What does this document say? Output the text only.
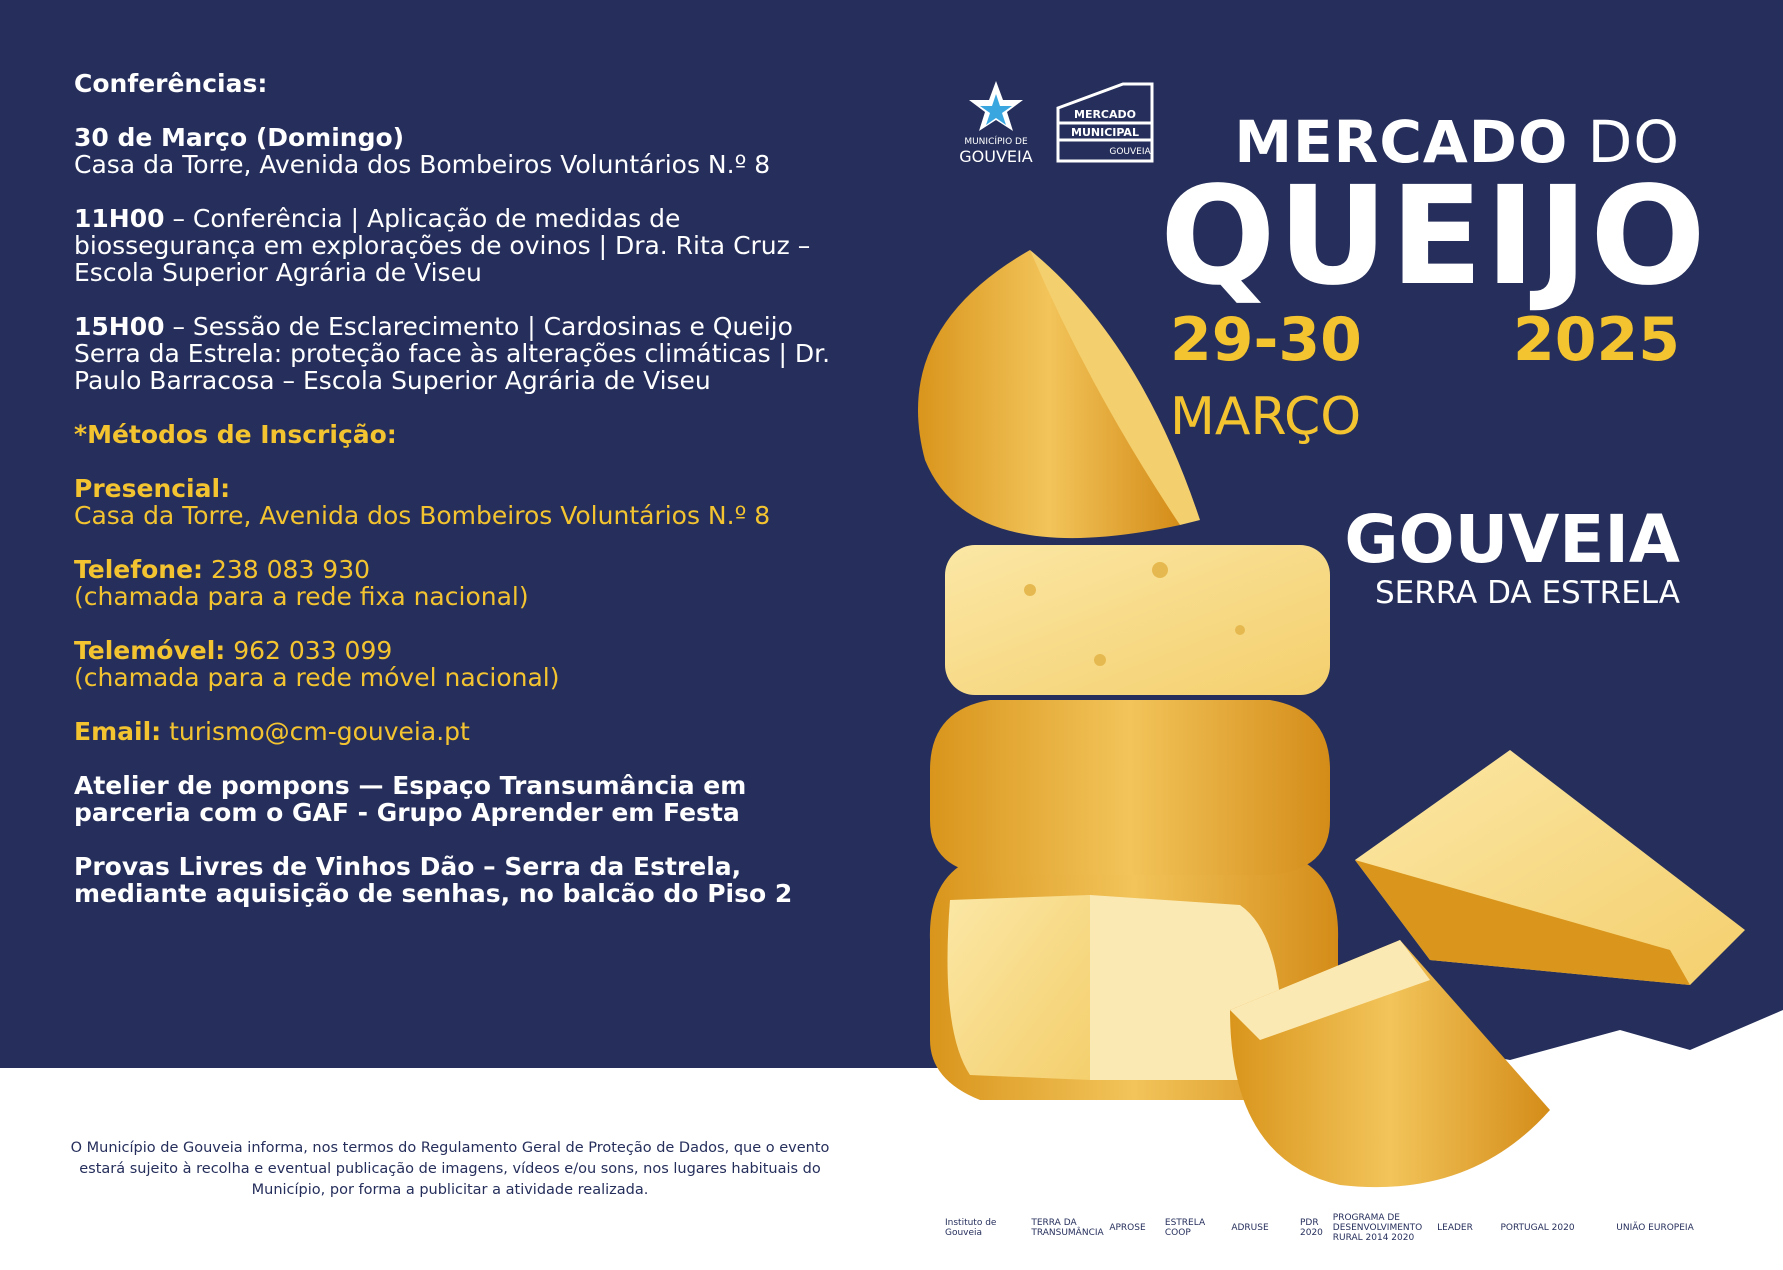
Conferências:

30 de Março (Domingo)
Casa da Torre, Avenida dos Bombeiros Voluntários N.º 8

11H00 – Conferência | Aplicação de medidas de biossegurança em explorações de ovinos | Dra. Rita Cruz – Escola Superior Agrária de Viseu

15H00 – Sessão de Esclarecimento | Cardosinas e Queijo Serra da Estrela: proteção face às alterações climáticas | Dr. Paulo Barracosa – Escola Superior Agrária de Viseu

*Métodos de Inscrição:

Presencial:
Casa da Torre, Avenida dos Bombeiros Voluntários N.º 8

Telefone: 238 083 930
(chamada para a rede fixa nacional)

Telemóvel: 962 033 099
(chamada para a rede móvel nacional)

Email: turismo@cm-gouveia.pt

Atelier de pompons — Espaço Transumância em parceria com o GAF - Grupo Aprender em Festa

Provas Livres de Vinhos Dão – Serra da Estrela, mediante aquisição de senhas, no balcão do Piso 2

MUNICÍPIO DE
GOUVEIA
MERCADO
MUNICIPAL
GOUVEIA	MERCADO DO
QUEIJO
29-30	2025
MARÇO
GOUVEIA
SERRA DA ESTRELA
O Município de Gouveia informa, nos termos do Regulamento Geral de Proteção de Dados, que o evento estará sujeito à recolha e eventual publicação de imagens, vídeos e/ou sons, nos lugares habituais do Município, por forma a publicitar a atividade realizada.
Instituto de Gouveia
TERRA DA TRANSUMÂNCIA APROSE ESTRELA COOP	ADRUSE	PDR 2020
PROGRAMA DE DESENVOLVIMENTO RURAL 2014 2020
LEADER	PORTUGAL 2020	UNIÃO EUROPEIA
